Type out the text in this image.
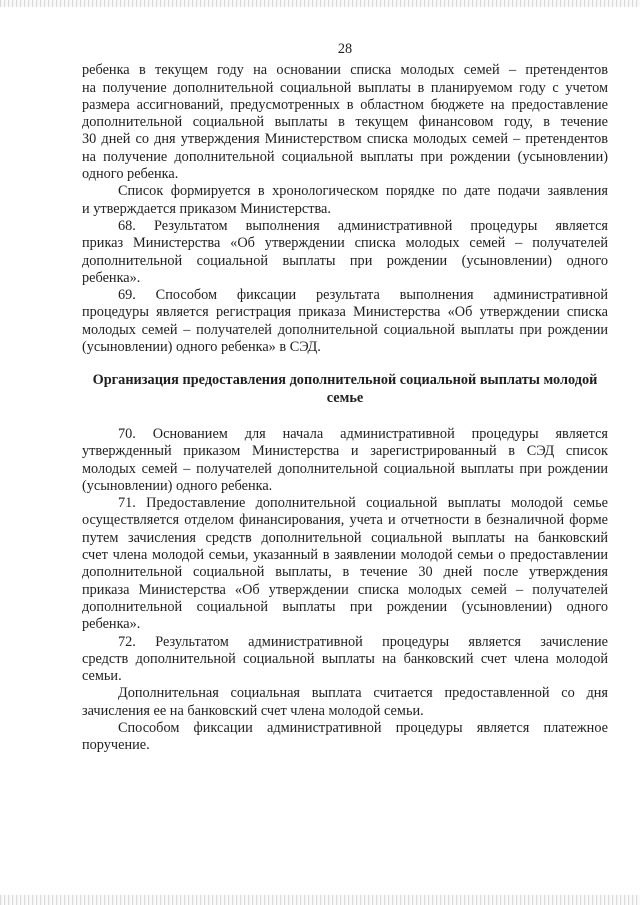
28
ребенка в текущем году на основании списка молодых семей – претендентов
на получение дополнительной социальной выплаты в планируемом году с учетом
размера ассигнований, предусмотренных в областном бюджете на предоставление
дополнительной социальной выплаты в текущем финансовом году, в течение
30 дней со дня утверждения Министерством списка молодых семей – претендентов
на получение дополнительной социальной выплаты при рождении (усыновлении)
одного ребенка.
Список формируется в хронологическом порядке по дате подачи заявления
и утверждается приказом Министерства.
68. Результатом выполнения административной процедуры является
приказ Министерства «Об утверждении списка молодых семей – получателей
дополнительной социальной выплаты при рождении (усыновлении) одного
ребенка».
69. Способом фиксации результата выполнения административной
процедуры является регистрация приказа Министерства «Об утверждении списка
молодых семей – получателей дополнительной социальной выплаты при рождении
(усыновлении) одного ребенка» в СЭД.
Организация предоставления дополнительной социальной выплаты молодой
семье
70. Основанием для начала административной процедуры является
утвержденный приказом Министерства и зарегистрированный в СЭД список
молодых семей – получателей дополнительной социальной выплаты при рождении
(усыновлении) одного ребенка.
71. Предоставление дополнительной социальной выплаты молодой семье
осуществляется отделом финансирования, учета и отчетности в безналичной форме
путем зачисления средств дополнительной социальной выплаты на банковский
счет члена молодой семьи, указанный в заявлении молодой семьи о предоставлении
дополнительной социальной выплаты, в течение 30 дней после утверждения
приказа Министерства «Об утверждении списка молодых семей – получателей
дополнительной социальной выплаты при рождении (усыновлении) одного
ребенка».
72. Результатом административной процедуры является зачисление
средств дополнительной социальной выплаты на банковский счет члена молодой
семьи.
Дополнительная социальная выплата считается предоставленной со дня
зачисления ее на банковский счет члена молодой семьи.
Способом фиксации административной процедуры является платежное
поручение.
